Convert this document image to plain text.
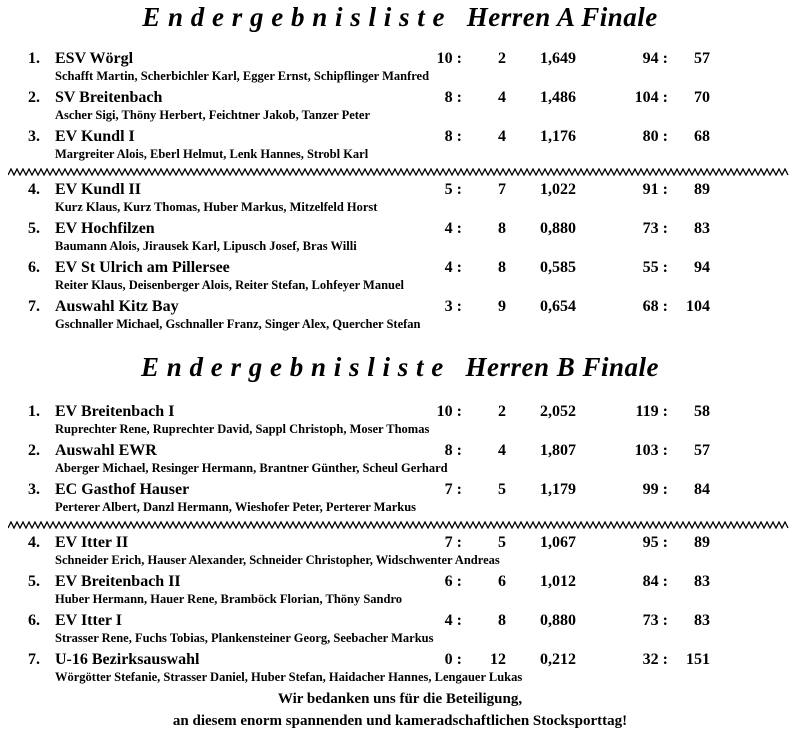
E n d e r g e b n i s l i s t e   Herren A Finale
1. ESV Wörgl	10 :	2 1,649	94 :	57
Schafft Martin, Scherbichler Karl, Egger Ernst, Schipflinger Manfred
2. SV Breitenbach	8 :	4 1,486	104 :	70
Ascher Sigi, Thöny Herbert, Feichtner Jakob, Tanzer Peter
3. EV Kundl I	8 :	4 1,176	80 :	68
Margreiter Alois, Eberl Helmut, Lenk Hannes, Strobl Karl
4. EV Kundl II	5 :	7 1,022	91 :	89
Kurz Klaus, Kurz Thomas, Huber Markus, Mitzelfeld Horst
5. EV Hochfilzen	4 :	8 0,880	73 :	83
Baumann Alois, Jirausek Karl, Lipusch Josef, Bras Willi
6. EV St Ulrich am Pillersee	4 :	8 0,585	55 :	94
Reiter Klaus, Deisenberger Alois, Reiter Stefan, Lohfeyer Manuel
7. Auswahl Kitz Bay	3 :	9 0,654	68 : 104
Gschnaller Michael, Gschnaller Franz, Singer Alex, Quercher Stefan
E n d e r g e b n i s l i s t e   Herren B Finale
1. EV Breitenbach I	10 :	2 2,052	119 :	58
Ruprechter Rene, Ruprechter David, Sappl Christoph, Moser Thomas
2. Auswahl EWR	8 :	4 1,807	103 :	57
Aberger Michael, Resinger Hermann, Brantner Günther, Scheul Gerhard
3. EC Gasthof Hauser	7 :	5 1,179	99 :	84
Perterer Albert, Danzl Hermann, Wieshofer Peter, Perterer Markus
4. EV Itter II	7 :	5 1,067	95 :	89
Schneider Erich, Hauser Alexander, Schneider Christopher, Widschwenter Andreas
5. EV Breitenbach II	6 :	6 1,012	84 :	83
Huber Hermann, Hauer Rene, Bramböck Florian, Thöny Sandro
6. EV Itter I	4 :	8 0,880	73 :	83
Strasser Rene, Fuchs Tobias, Plankensteiner Georg, Seebacher Markus
7. U-16 Bezirksauswahl	0 :	12 0,212	32 : 151
Wörgötter Stefanie, Strasser Daniel, Huber Stefan, Haidacher Hannes, Lengauer Lukas
Wir bedanken uns für die Beteiligung,
an diesem enorm spannenden und kameradschaftlichen Stocksporttag!
